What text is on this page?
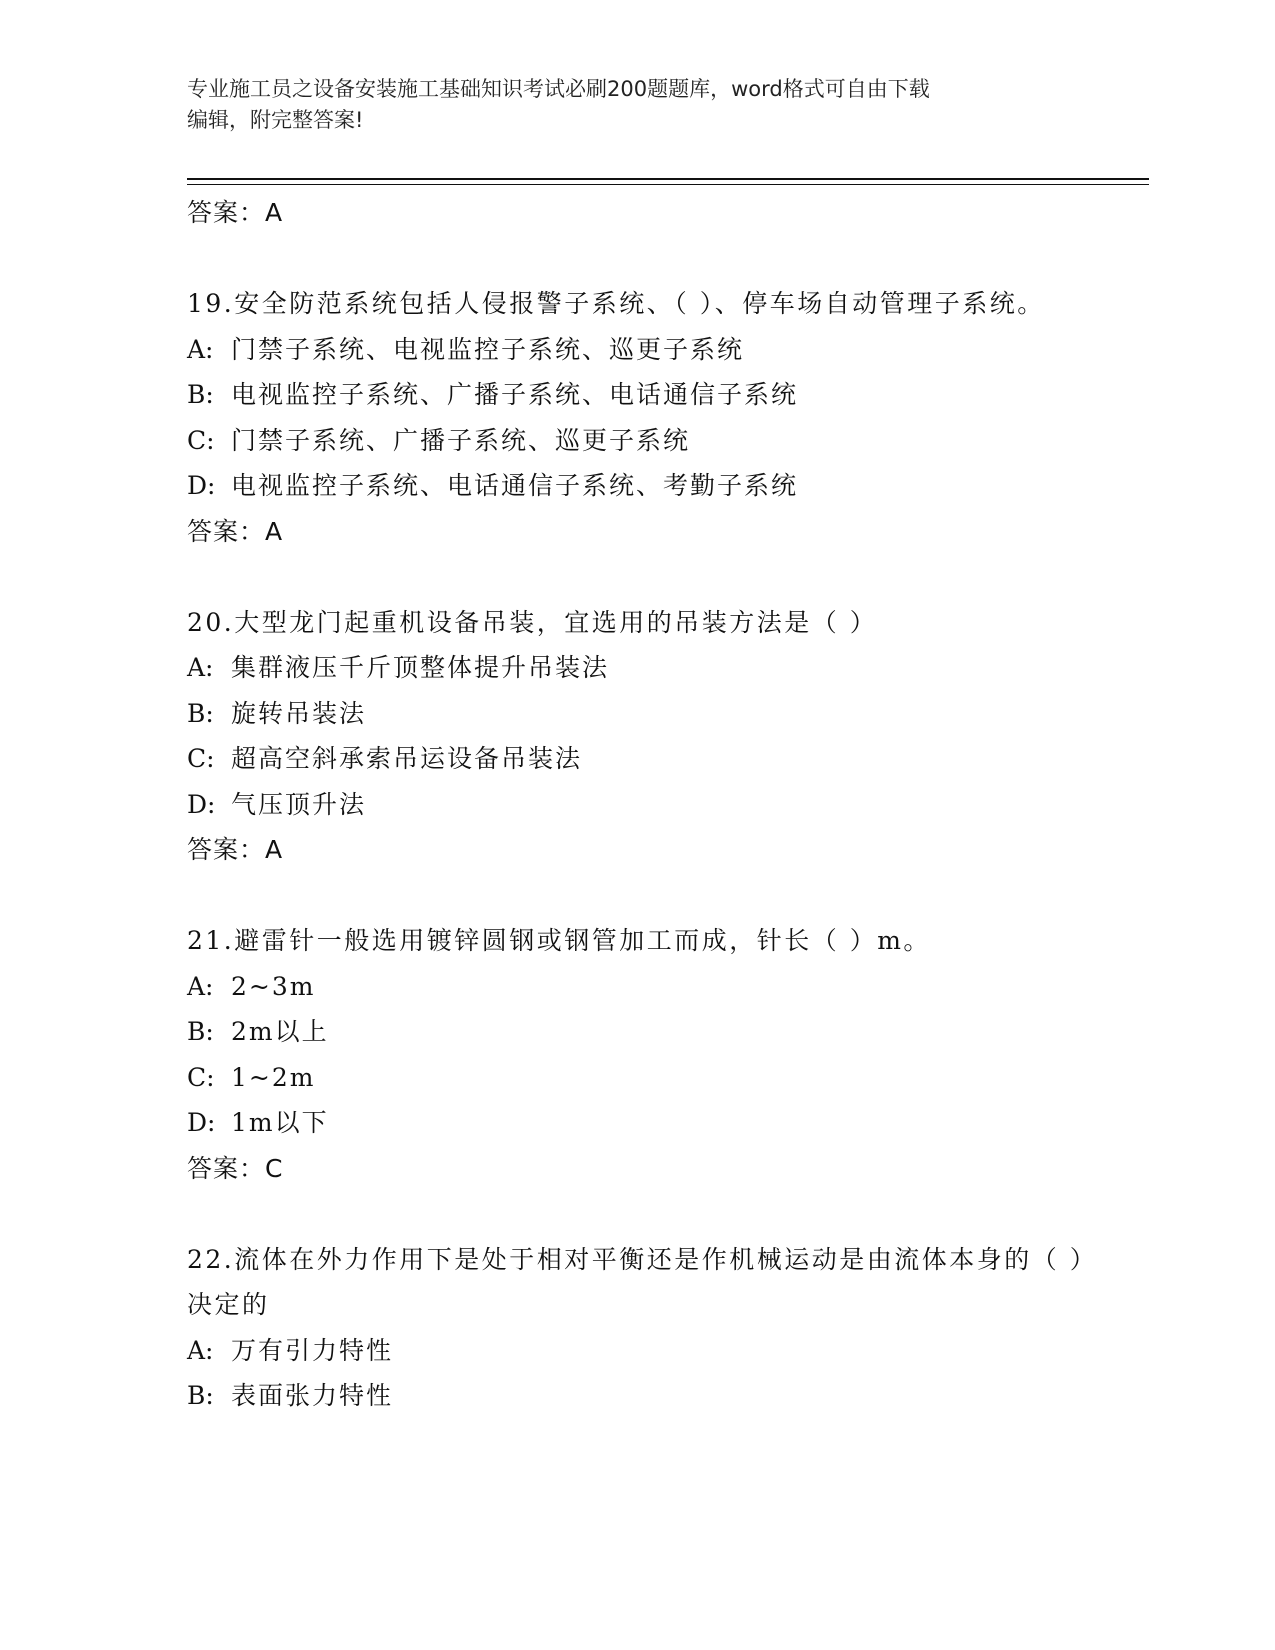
专业施工员之设备安装施工基础知识考试必刷200题题库，word格式可自由下载
编辑，附完整答案!
答案：A
19.安全防范系统包括人侵报警子系统、（ ）、停车场自动管理子系统。
A: 门禁子系统、电视监控子系统、巡更子系统
B: 电视监控子系统、广播子系统、电话通信子系统
C: 门禁子系统、广播子系统、巡更子系统
D: 电视监控子系统、电话通信子系统、考勤子系统
答案：A
20.大型龙门起重机设备吊装，宜选用的吊装方法是（ ）
A: 集群液压千斤顶整体提升吊装法
B: 旋转吊装法
C: 超高空斜承索吊运设备吊装法
D: 气压顶升法
答案：A
21.避雷针一般选用镀锌圆钢或钢管加工而成，针长（ ）m。
A: 2~3m
B: 2m以上
C: 1~2m
D: 1m以下
答案：C
22.流体在外力作用下是处于相对平衡还是作机械运动是由流体本身的（ ）决定的
A: 万有引力特性
B: 表面张力特性
